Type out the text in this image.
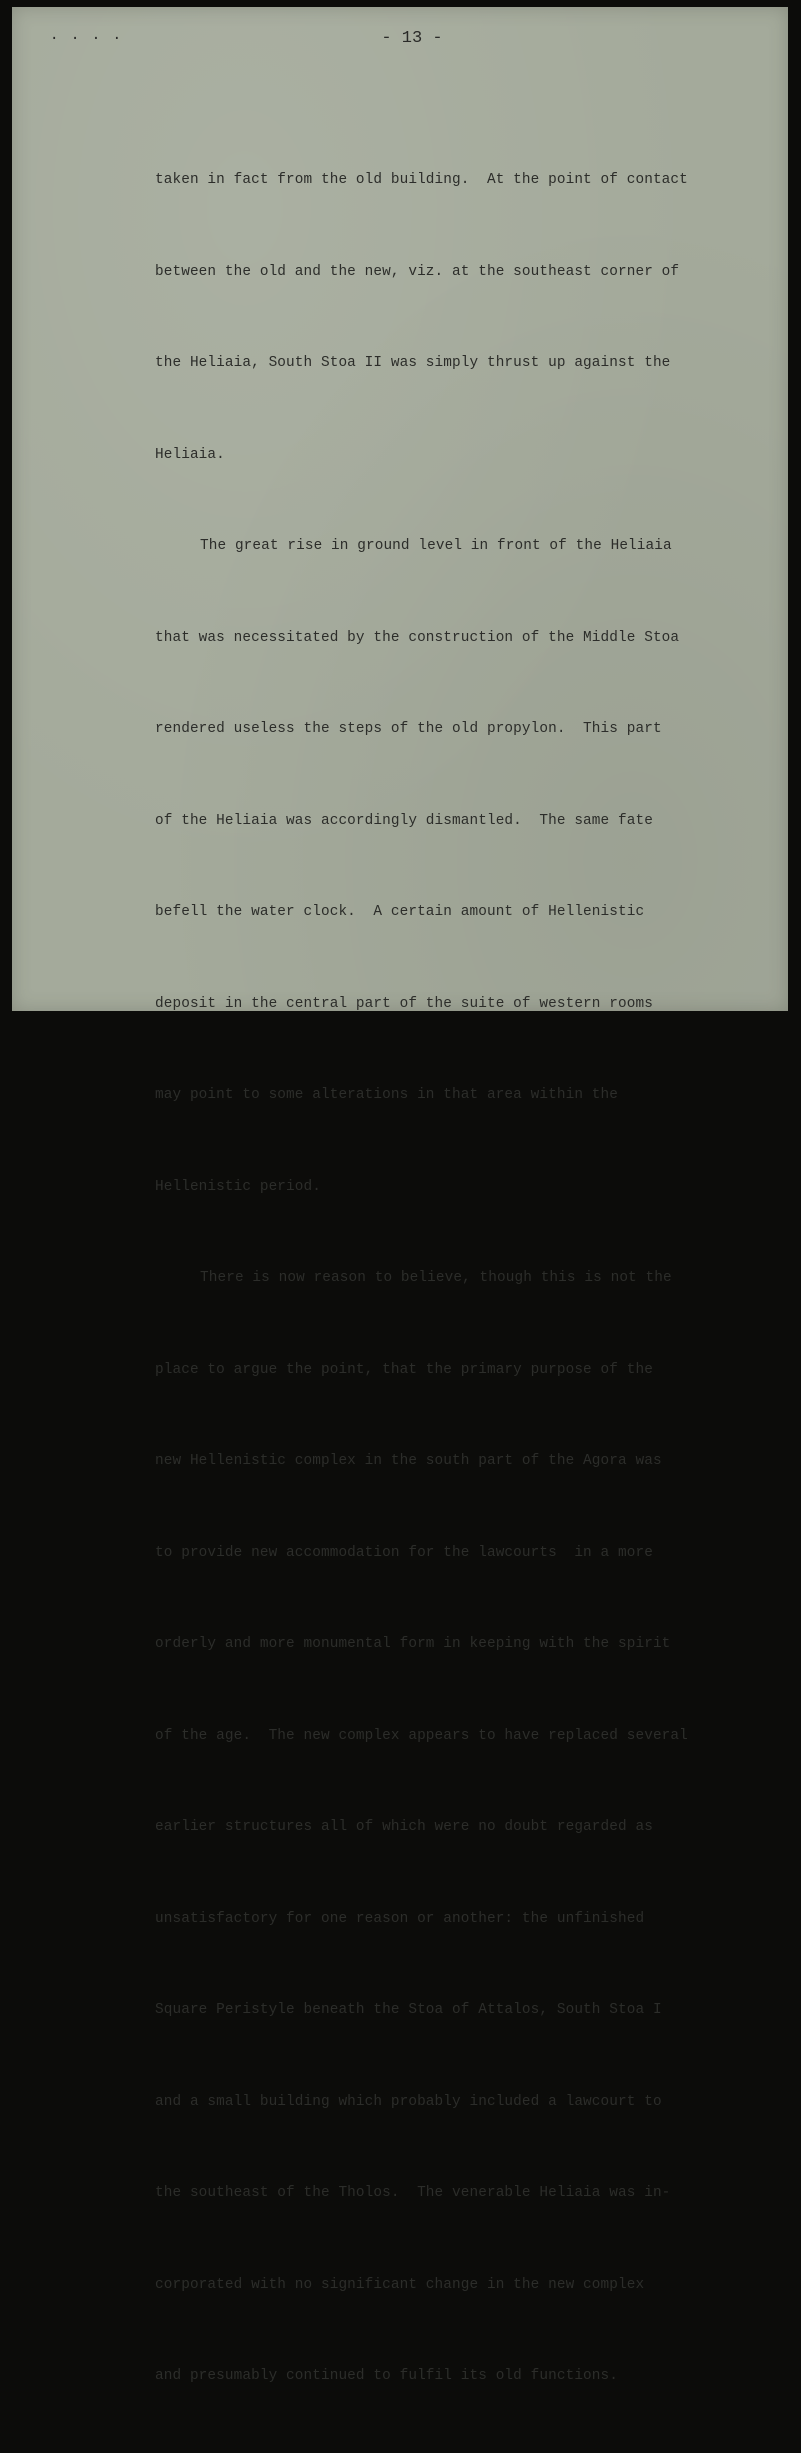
. . . .	- 13 -

taken in fact from the old building.  At the point of contact

between the old and the new, viz. at the southeast corner of

the Heliaia, South Stoa II was simply thrust up against the

Heliaia.

The great rise in ground level in front of the Heliaia

that was necessitated by the construction of the Middle Stoa

rendered useless the steps of the old propylon.  This part

of the Heliaia was accordingly dismantled.  The same fate

befell the water clock.  A certain amount of Hellenistic

deposit in the central part of the suite of western rooms

may point to some alterations in that area within the

Hellenistic period.

There is now reason to believe, though this is not the

place to argue the point, that the primary purpose of the

new Hellenistic complex in the south part of the Agora was

to provide new accommodation for the lawcourts  in a more

orderly and more monumental form in keeping with the spirit

of the age.  The new complex appears to have replaced several

earlier structures all of which were no doubt regarded as

unsatisfactory for one reason or another: the unfinished

Square Peristyle beneath the Stoa of Attalos, South Stoa I

and a small building which probably included a lawcourt to

the southeast of the Tholos.  The venerable Heliaia was in-

corporated with no significant change in the new complex

and presumably continued to fulfil its old functions.
